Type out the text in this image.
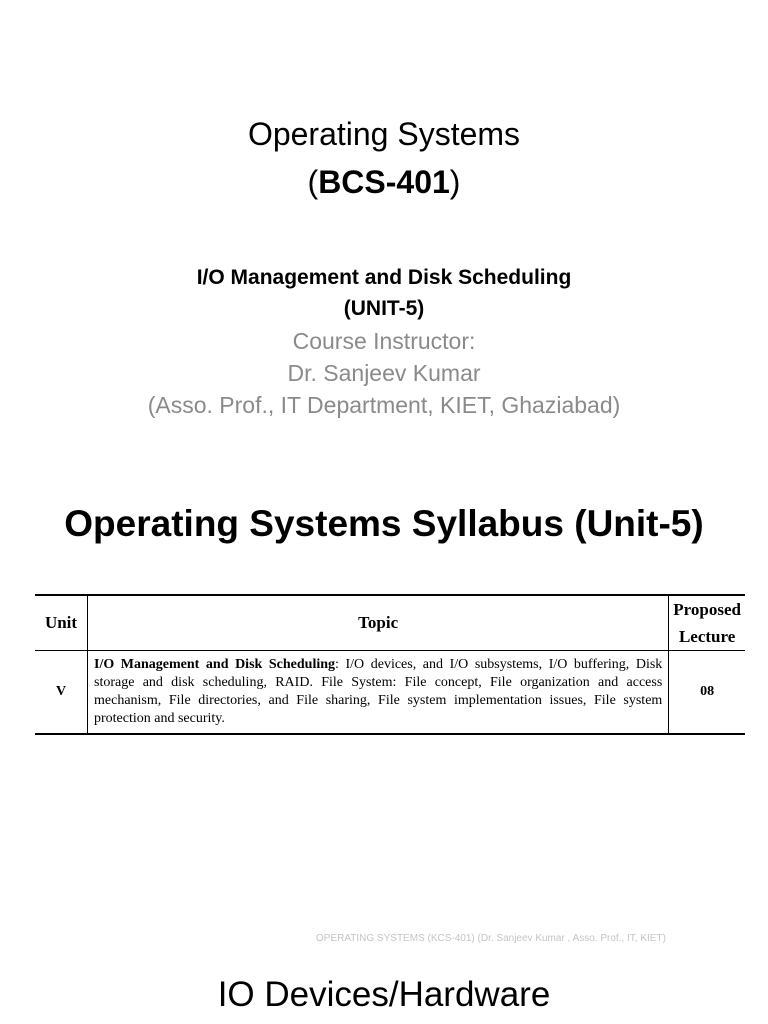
Operating Systems
(BCS-401)
I/O Management and Disk Scheduling
(UNIT-5)
Course Instructor:
Dr. Sanjeev Kumar
(Asso. Prof., IT Department, KIET, Ghaziabad)
Operating Systems Syllabus (Unit-5)
Unit	Topic	Proposed
Lecture
V	I/O Management and Disk Scheduling: I/O devices, and I/O subsystems, I/O buffering, Disk storage and disk scheduling, RAID. File System: File concept, File organization and access mechanism, File directories, and File sharing, File system implementation issues, File system protection and security.	08
OPERATING SYSTEMS (KCS-401) (Dr. Sanjeev Kumar , Asso. Prof., IT, KIET)
IO Devices/Hardware
